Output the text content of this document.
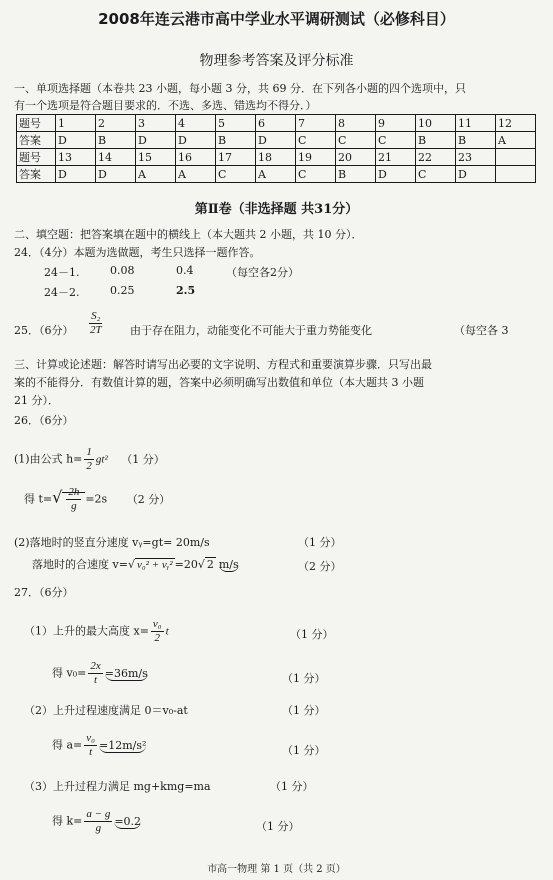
2008年连云港市高中学业水平调研测试（必修科目）
物理参考答案及评分标准
一、单项选择题（本卷共 23 小题，每小题 3 分，共 69 分．在下列各小题的四个选项中，只
有一个选项是符合题目要求的．不选、多选、错选均不得分．）
题号	1	2	3	4	5	6	7	8	9	10	11	12
答案	D	B	D	D	B	D	C	C	C	B	B	A
题号	13	14	15	16	17	18	19	20	21	22	23	
答案	D	D	A	A	C	A	C	B	D	C	D	
第Ⅱ卷（非选择题 共31分）
二、填空题：把答案填在题中的横线上（本大题共 2 小题，共 10 分）．
24．（4分）本题为选做题，考生只选择一题作答。
24－1.	0.08	0.4	（每空各2分）
24－2.	0.25	2.5
25．（6分） $\frac{\text{S₂}}{2T}$ 由于存在阻力，动能变化不可能大于重力势能变化	（每空各 3
三、计算或论述题：解答时请写出必要的文字说明、方程式和重要演算步骤．只写出最
案的不能得分．有数值计算的题，答案中必须明确写出数值和单位（本大题共 3 小题
21 分）．
26．（6分）
(1)由公式 $h= \frac{1}{2} gt^2$ （1 分）
得 $t=√ \frac{2h}{g} =2s$ （2 分）
(2)落地时的竖直分速度 vᵧ=gt= 20m/s	（1 分）
落地时的合速度 v=√ v₀² + vᵧ² =20√ 2 m/s	（2 分）
27．（6分）
（1）上升的最大高度 $x= \frac{\text{v₀}}{2}$ t	（1 分）
得 $v_0= \frac{2x}{t} =36m/s$	（1 分）
（2）上升过程速度满足 0＝v₀-at	（1 分）
得 $a= \frac{\text{v₀}}{t} =12m/s^2$	（1 分）
（3）上升过程力满足 mg+kmg=ma	（1 分）
得 $k= \frac{a - g}{g} =0.2$	（1 分）
市高一物理 第 1 页（共 2 页）
